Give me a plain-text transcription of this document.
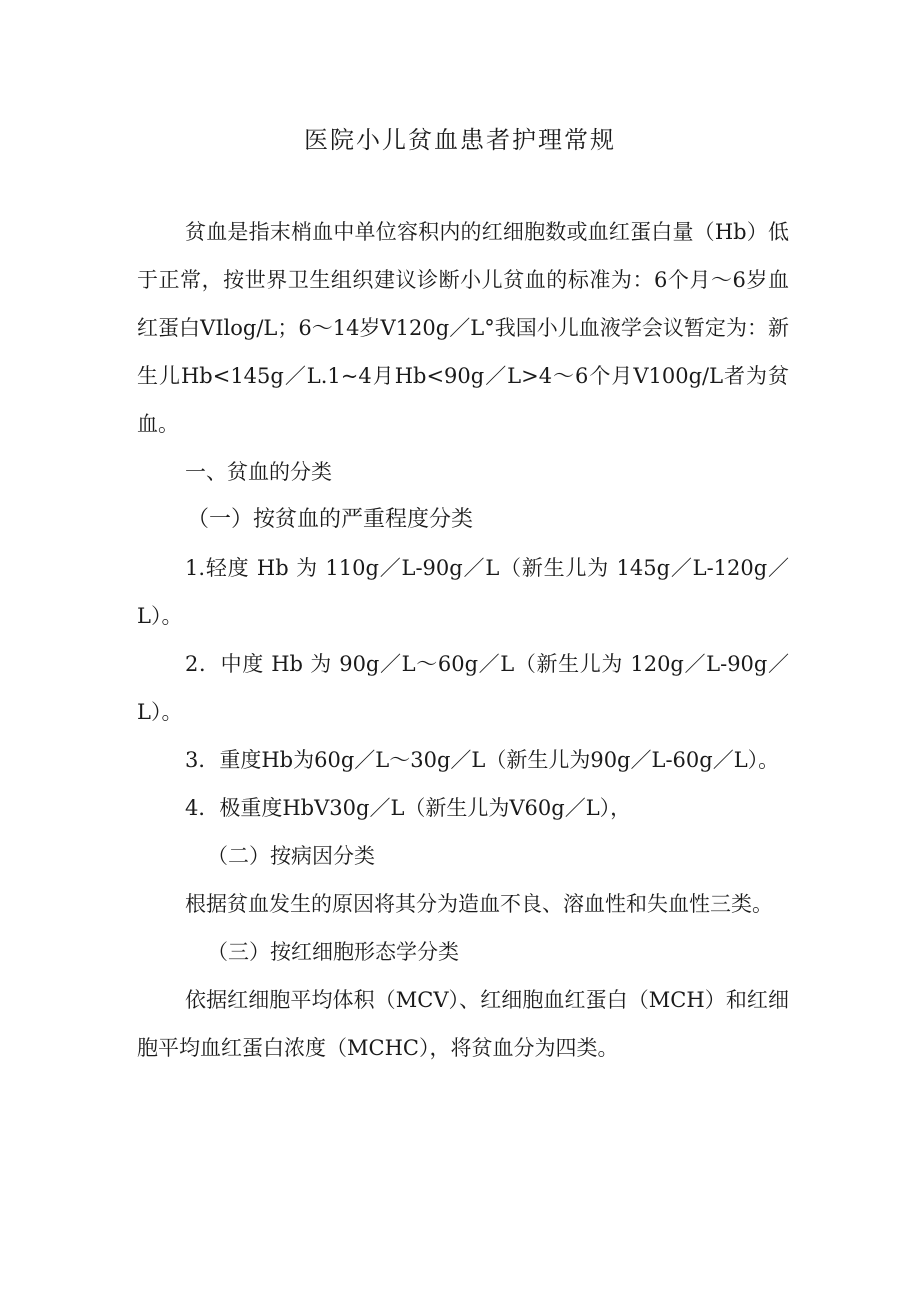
医院小儿贫血患者护理常规

贫血是指末梢血中单位容积内的红细胞数或血红蛋白量（Hb）低于正常，按世界卫生组织建议诊断小儿贫血的标准为：6个月～6岁血红蛋白VIlog/L；6～14岁V120g／L°我国小儿血液学会议暂定为：新生儿Hb<145g／L.1~4月Hb<90g／L>4～6个月V100g/L者为贫血。

一、贫血的分类

（一）按贫血的严重程度分类

1.轻度 Hb 为 110g／L-90g／L（新生儿为 145g／L-120g／L）。

2．中度 Hb 为 90g／L～60g／L（新生儿为 120g／L-90g／L）。

3．重度Hb为60g／L～30g／L（新生儿为90g／L-60g／L）。

4．极重度HbV30g／L（新生儿为V60g／L），

（二）按病因分类

根据贫血发生的原因将其分为造血不良、溶血性和失血性三类。

（三）按红细胞形态学分类

依据红细胞平均体积（MCV）、红细胞血红蛋白（MCH）和红细胞平均血红蛋白浓度（MCHC），将贫血分为四类。
